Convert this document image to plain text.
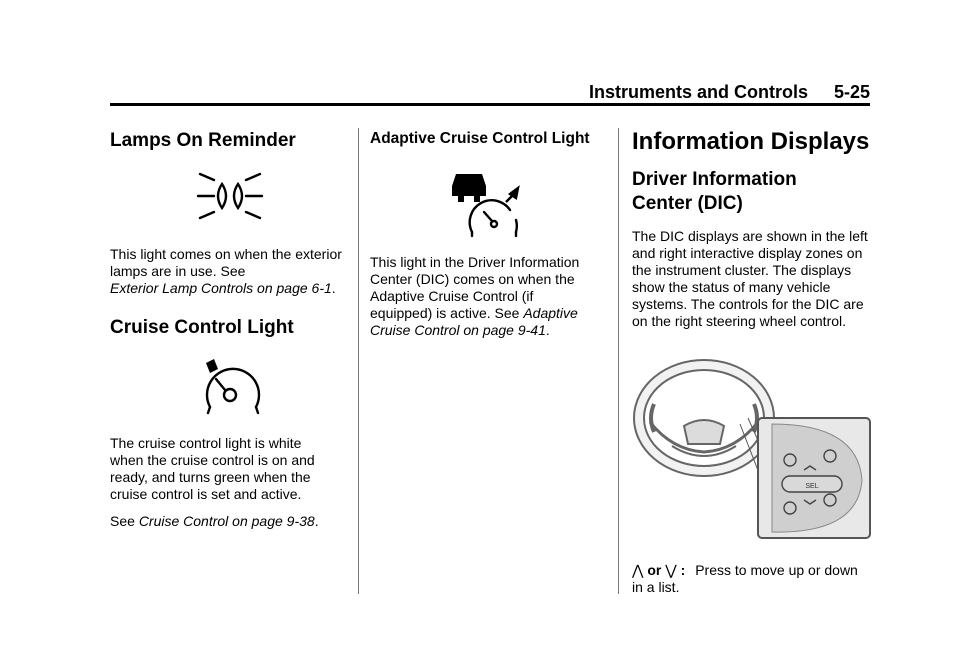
Instruments and Controls 5-25
Lamps On Reminder

This light comes on when the exterior lamps are in use. See
Exterior Lamp Controls on page 6-1.

Cruise Control Light

The cruise control light is white when the cruise control is on and ready, and turns green when the cruise control is set and active.

See Cruise Control on page 9-38.

Adaptive Cruise Control Light

This light in the Driver Information Center (DIC) comes on when the Adaptive Cruise Control (if equipped) is active. See Adaptive Cruise Control on page 9-41.

Information Displays
Driver Information
Center (DIC)

The DIC displays are shown in the left and right interactive display zones on the instrument cluster. The displays show the status of many vehicle systems. The controls for the DIC are on the right steering wheel control.

SEL
⋀ or ⋁ : Press to move up or down in a list.
